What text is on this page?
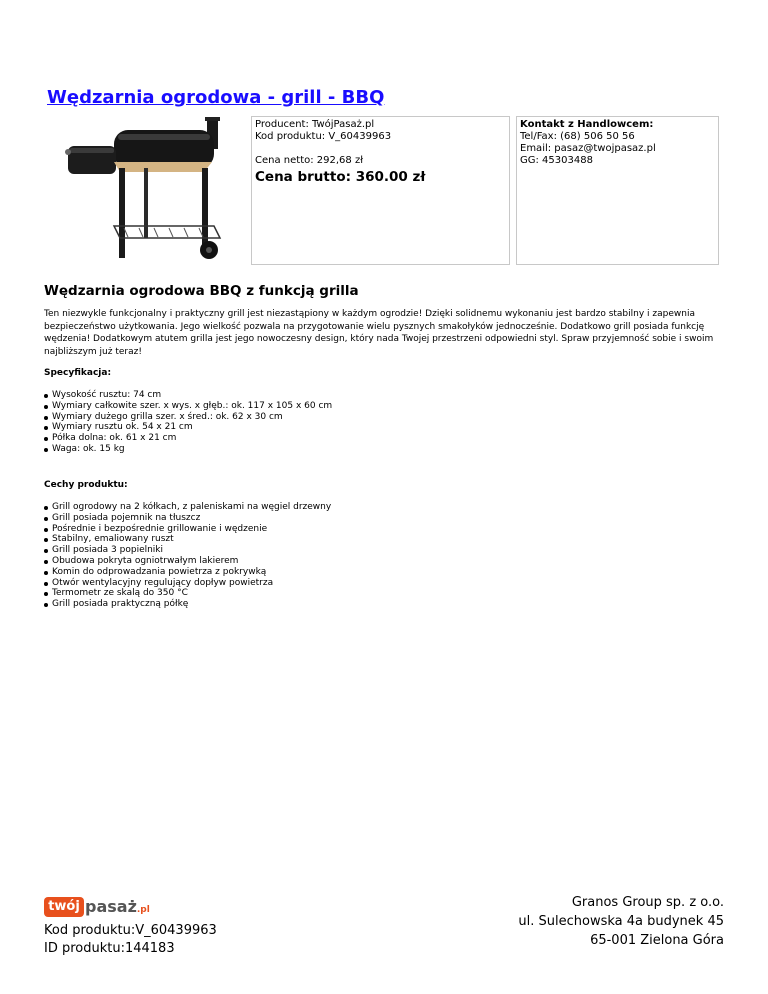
Wędzarnia ogrodowa - grill - BBQ
Producent: TwójPasaż.pl
Kod produktu: V_60439963
Cena netto: 292,68 zł
Cena brutto: 360.00 zł
Kontakt z Handlowcem:
Tel/Fax: (68) 506 50 56
Email: pasaz@twojpasaz.pl
GG: 45303488
Wędzarnia ogrodowa BBQ z funkcją grilla
Ten niezwykle funkcjonalny i praktyczny grill jest niezastąpiony w każdym ogrodzie! Dzięki solidnemu wykonaniu jest bardzo stabilny i zapewnia bezpieczeństwo użytkowania. Jego wielkość pozwala na przygotowanie wielu pysznych smakołyków jednocześnie. Dodatkowo grill posiada funkcję wędzenia! Dodatkowym atutem grilla jest jego nowoczesny design, który nada Twojej przestrzeni odpowiedni styl. Spraw przyjemność sobie i swoim najbliższym już teraz!
Specyfikacja:
Wysokość rusztu: 74 cm
Wymiary całkowite szer. x wys. x głęb.: ok. 117 x 105 x 60 cm
Wymiary dużego grilla szer. x śred.: ok. 62 x 30 cm
Wymiary rusztu ok. 54 x 21 cm
Półka dolna: ok. 61 x 21 cm
Waga: ok. 15 kg
Cechy produktu:
Grill ogrodowy na 2 kółkach, z paleniskami na węgiel drzewny
Grill posiada pojemnik na tłuszcz
Pośrednie i bezpośrednie grillowanie i wędzenie
Stabilny, emaliowany ruszt
Grill posiada 3 popielniki
Obudowa pokryta ogniotrwałym lakierem
Komin do odprowadzania powietrza z pokrywką
Otwór wentylacyjny regulujący dopływ powietrza
Termometr ze skalą do 350 °C
Grill posiada praktyczną półkę
twój pasaż.pl
Kod produktu:V_60439963
ID produktu:144183
Granos Group sp. z o.o.
ul. Sulechowska 4a budynek 45
65-001 Zielona Góra
